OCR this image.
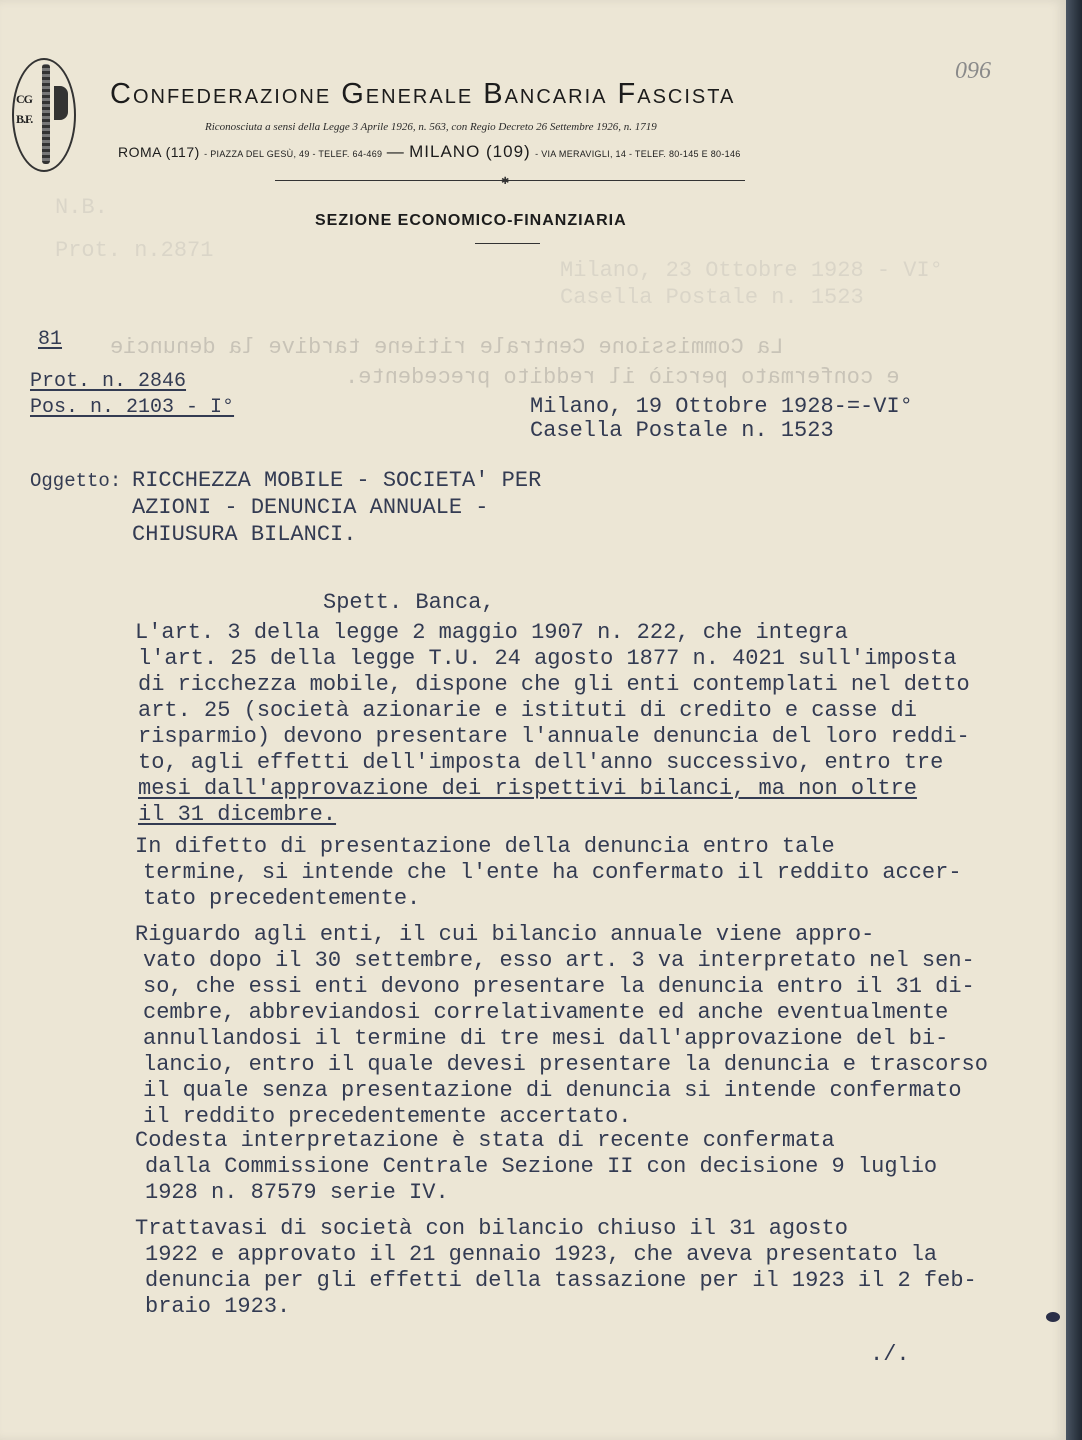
N.B.
Prot. n.2871
Milano, 23 Ottobre 1928 - VI°
Casella Postale n. 1523
La Commissione Centrale ritiene tardive la denuncie
e confermato perciò il reddito precedente.
CG
B.F.
Confederazione Generale Bancaria Fascista
Riconosciuta a sensi della Legge 3 Aprile 1926, n. 563, con Regio Decreto 26 Settembre 1926, n. 1719
ROMA (117) - PIAZZA DEL GESÙ, 49 - TELEF. 64-469 — MILANO (109) - VIA MERAVIGLI, 14 - TELEF. 80-145 E 80-146
✱
SEZIONE ECONOMICO-FINANZIARIA
096
81
Prot. n. 2846
Pos. n. 2103 - I°	Milano, 19 Ottobre 1928-=-VI°
Casella Postale n. 1523
Oggetto: RICCHEZZA MOBILE - SOCIETA' PER
AZIONI - DENUNCIA ANNUALE -
CHIUSURA BILANCI.
Spett. Banca,
L'art. 3 della legge 2 maggio 1907 n. 222, che integra
l'art. 25 della legge T.U. 24 agosto 1877 n. 4021 sull'imposta
di ricchezza mobile, dispone che gli enti contemplati nel detto
art. 25 (società azionarie e istituti di credito e casse di
risparmio) devono presentare l'annuale denuncia del loro reddi-
to, agli effetti dell'imposta dell'anno successivo, entro tre
mesi dall'approvazione dei rispettivi bilanci, ma non oltre
il 31 dicembre.
In difetto di presentazione della denuncia entro tale
termine, si intende che l'ente ha confermato il reddito accer-
tato precedentemente.
Riguardo agli enti, il cui bilancio annuale viene appro-
vato dopo il 30 settembre, esso art. 3 va interpretato nel sen-
so, che essi enti devono presentare la denuncia entro il 31 di-
cembre, abbreviandosi correlativamente ed anche eventualmente
annullandosi il termine di tre mesi dall'approvazione del bi-
lancio, entro il quale devesi presentare la denuncia e trascorso
il quale senza presentazione di denuncia si intende confermato
il reddito precedentemente accertato.
Codesta interpretazione è stata di recente confermata
dalla Commissione Centrale Sezione II con decisione 9 luglio
1928 n. 87579 serie IV.
Trattavasi di società con bilancio chiuso il 31 agosto
1922 e approvato il 21 gennaio 1923, che aveva presentato la
denuncia per gli effetti della tassazione per il 1923 il 2 feb-
braio 1923.
./.
